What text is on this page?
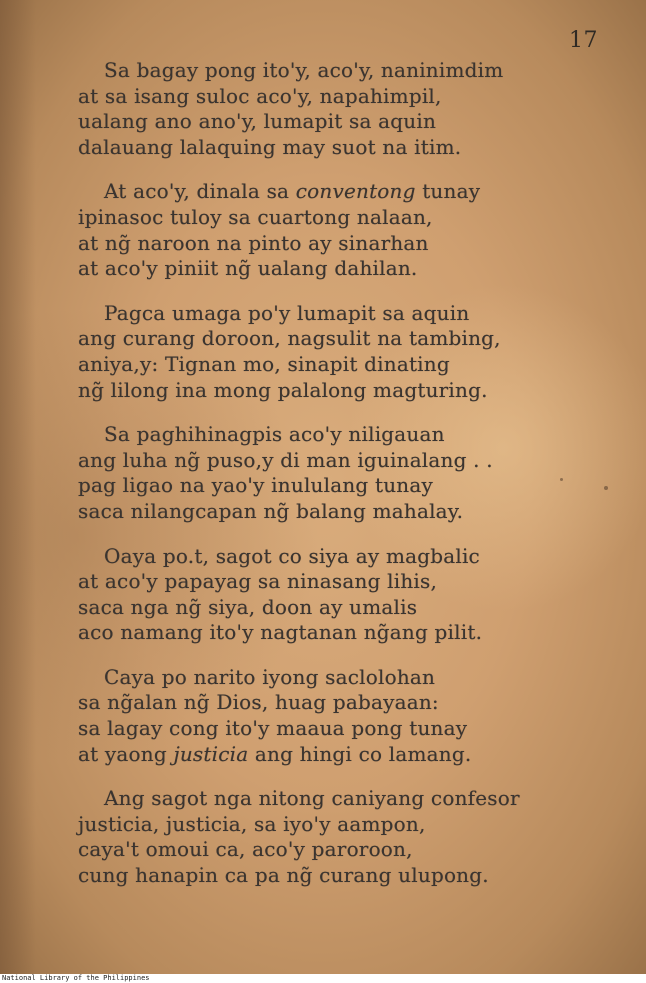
17
Sa bagay pong ito'y, aco'y, naninimdim
at sa isang suloc aco'y, napahimpil,
ualang ano ano'y, lumapit sa aquin
dalauang lalaquing may suot na itim.
At aco'y, dinala sa conventong tunay
ipinasoc tuloy sa cuartong nalaan,
at ng̃ naroon na pinto ay sinarhan
at aco'y piniit ng̃ ualang dahilan.
Pagca umaga po'y lumapit sa aquin
ang curang doroon, nagsulit na tambing,
aniya,y: Tignan mo, sinapit dinating
ng̃ lilong ina mong palalong magturing.
Sa paghihinagpis aco'y niligauan
ang luha ng̃ puso,y di man iguinalang . .
pag ligao na yao'y inululang tunay
saca nilangcapan ng̃ balang mahalay.
Oaya po.t, sagot co siya ay magbalic
at aco'y papayag sa ninasang lihis,
saca nga ng̃ siya, doon ay umalis
aco namang ito'y nagtanan ng̃ang pilit.
Caya po narito iyong saclolohan
sa ng̃alan ng̃ Dios, huag pabayaan:
sa lagay cong ito'y maaua pong tunay
at yaong justicia ang hingi co lamang.
Ang sagot nga nitong caniyang confesor
justicia, justicia, sa iyo'y aampon,
caya't omoui ca, aco'y paroroon,
cung hanapin ca pa ng̃ curang ulupong.
National Library of the Philippines
